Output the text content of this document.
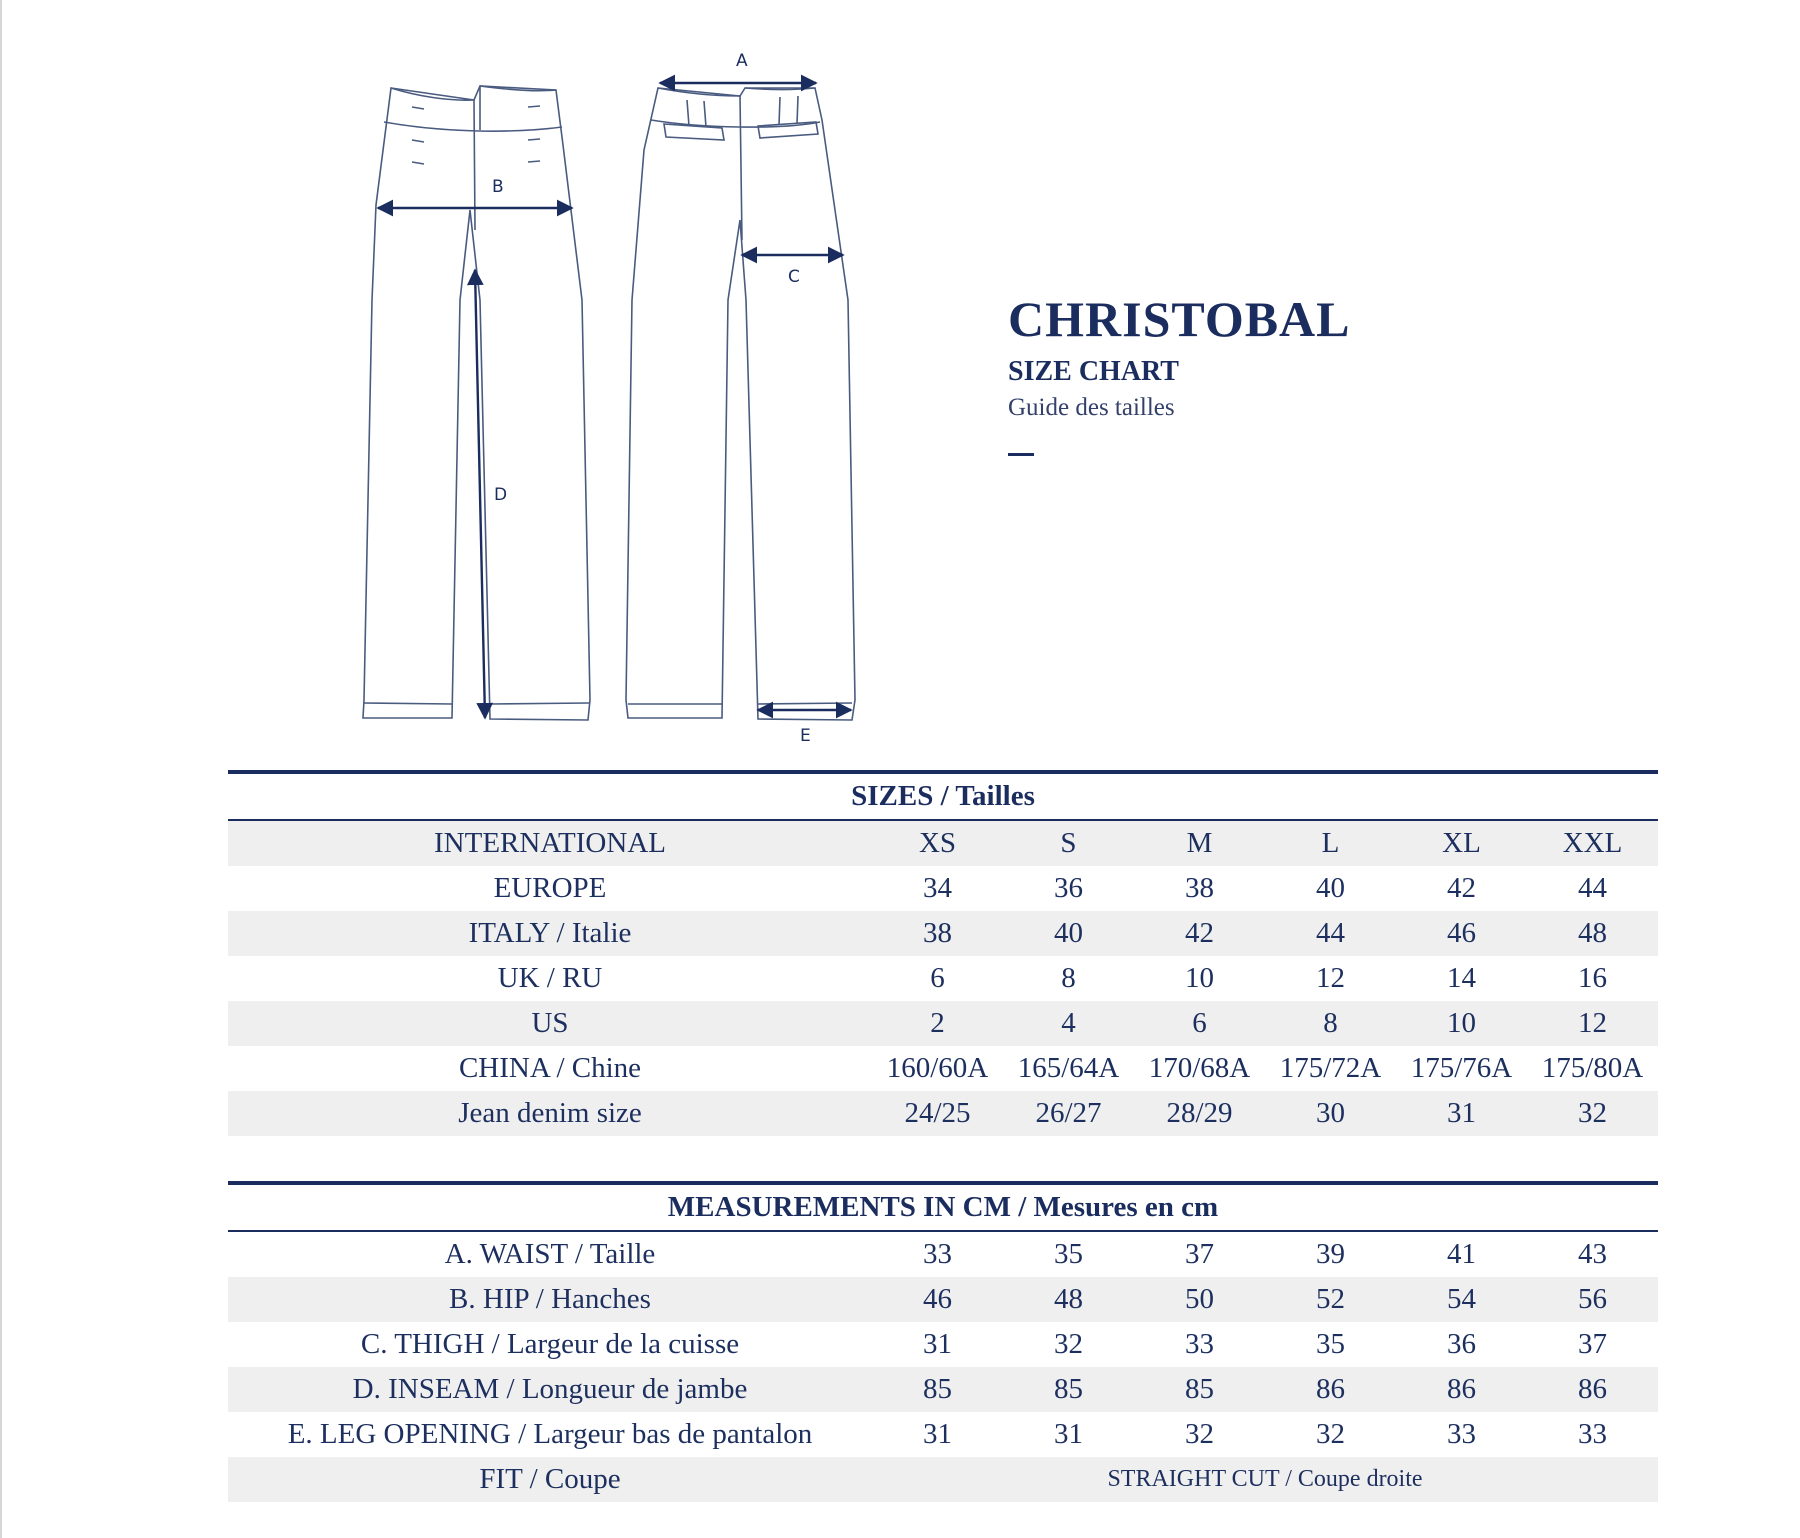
A
B
C
D
E
CHRISTOBAL
SIZE CHART
Guide des tailles
SIZES / Tailles
INTERNATIONAL	XS	S	M	L	XL	XXL
EUROPE	34	36	38	40	42	44
ITALY / Italie	38	40	42	44	46	48
UK / RU	6	8	10	12	14	16
US	2	4	6	8	10	12
CHINA / Chine	160/60A	165/64A	170/68A	175/72A	175/76A	175/80A
Jean denim size	24/25	26/27	28/29	30	31	32
MEASUREMENTS IN CM / Mesures en cm
A. WAIST / Taille	33	35	37	39	41	43
B. HIP / Hanches	46	48	50	52	54	56
C. THIGH / Largeur de la cuisse	31	32	33	35	36	37
D. INSEAM / Longueur de jambe	85	85	85	86	86	86
E. LEG OPENING / Largeur bas de pantalon	31	31	32	32	33	33
FIT / Coupe	STRAIGHT CUT / Coupe droite
